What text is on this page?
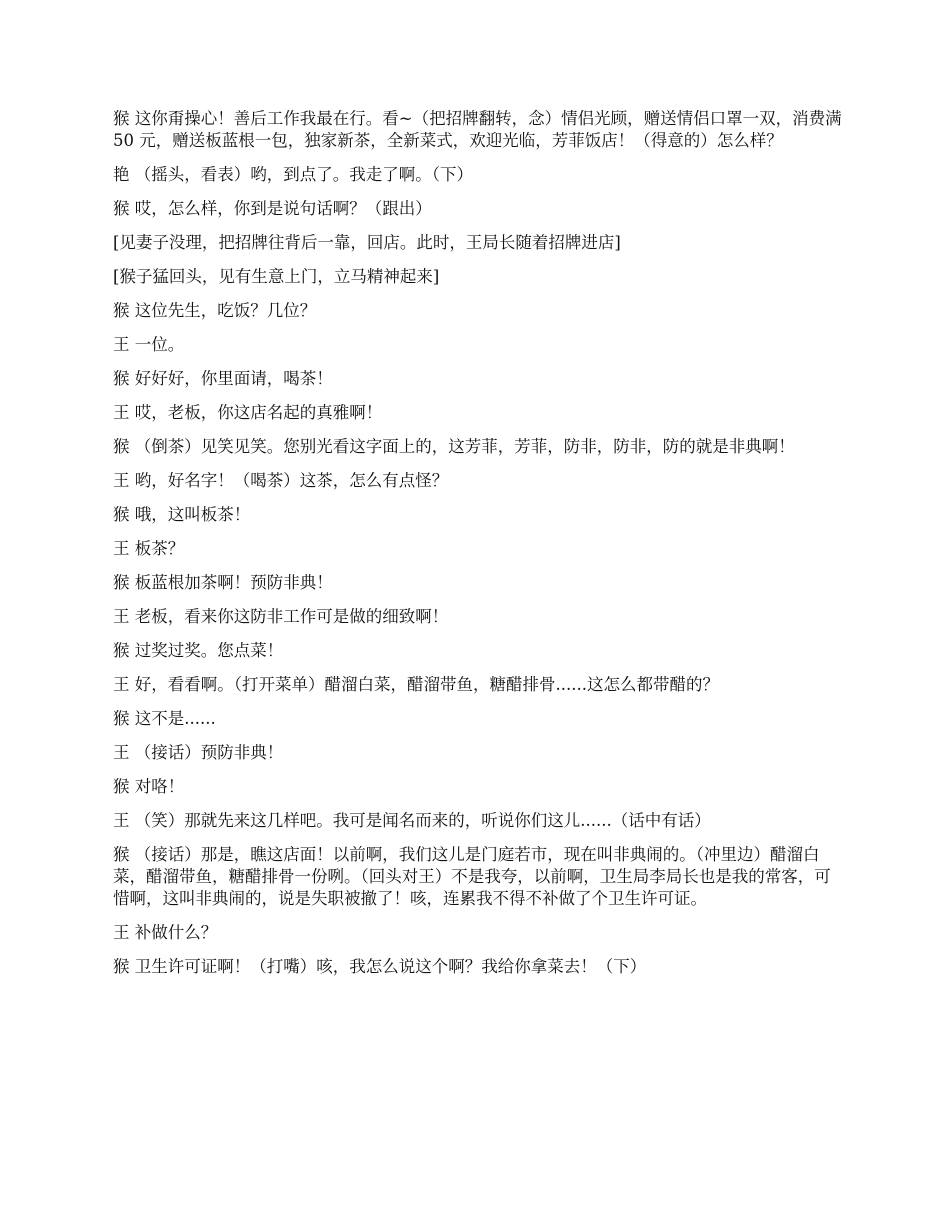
猴 这你甭操心！善后工作我最在行。看~（把招牌翻转，念）情侣光顾，赠送情侣口罩一双，消费满 50 元，赠送板蓝根一包，独家新茶，全新菜式，欢迎光临，芳菲饭店！（得意的）怎么样？

艳 （摇头，看表）哟，到点了。我走了啊。（下）

猴 哎，怎么样，你到是说句话啊？（跟出）

[见妻子没理，把招牌往背后一靠，回店。此时，王局长随着招牌进店]

[猴子猛回头，见有生意上门，立马精神起来]

猴 这位先生，吃饭？几位？

王 一位。

猴 好好好，你里面请，喝茶！

王 哎，老板，你这店名起的真雅啊！

猴 （倒茶）见笑见笑。您别光看这字面上的，这芳菲，芳菲，防非，防非，防的就是非典啊！

王 哟，好名字！（喝茶）这茶，怎么有点怪？

猴 哦，这叫板茶！

王 板茶？

猴 板蓝根加茶啊！预防非典！

王 老板，看来你这防非工作可是做的细致啊！

猴 过奖过奖。您点菜！

王 好，看看啊。（打开菜单）醋溜白菜，醋溜带鱼，糖醋排骨......这怎么都带醋的？

猴 这不是......

王 （接话）预防非典！

猴 对咯！

王 （笑）那就先来这几样吧。我可是闻名而来的，听说你们这儿......（话中有话）

猴 （接话）那是，瞧这店面！以前啊，我们这儿是门庭若市，现在叫非典闹的。（冲里边）醋溜白菜，醋溜带鱼，糖醋排骨一份咧。（回头对王）不是我夸，以前啊，卫生局李局长也是我的常客，可惜啊，这叫非典闹的，说是失职被撤了！咳，连累我不得不补做了个卫生许可证。

王 补做什么？

猴 卫生许可证啊！（打嘴）咳，我怎么说这个啊？我给你拿菜去！（下）
